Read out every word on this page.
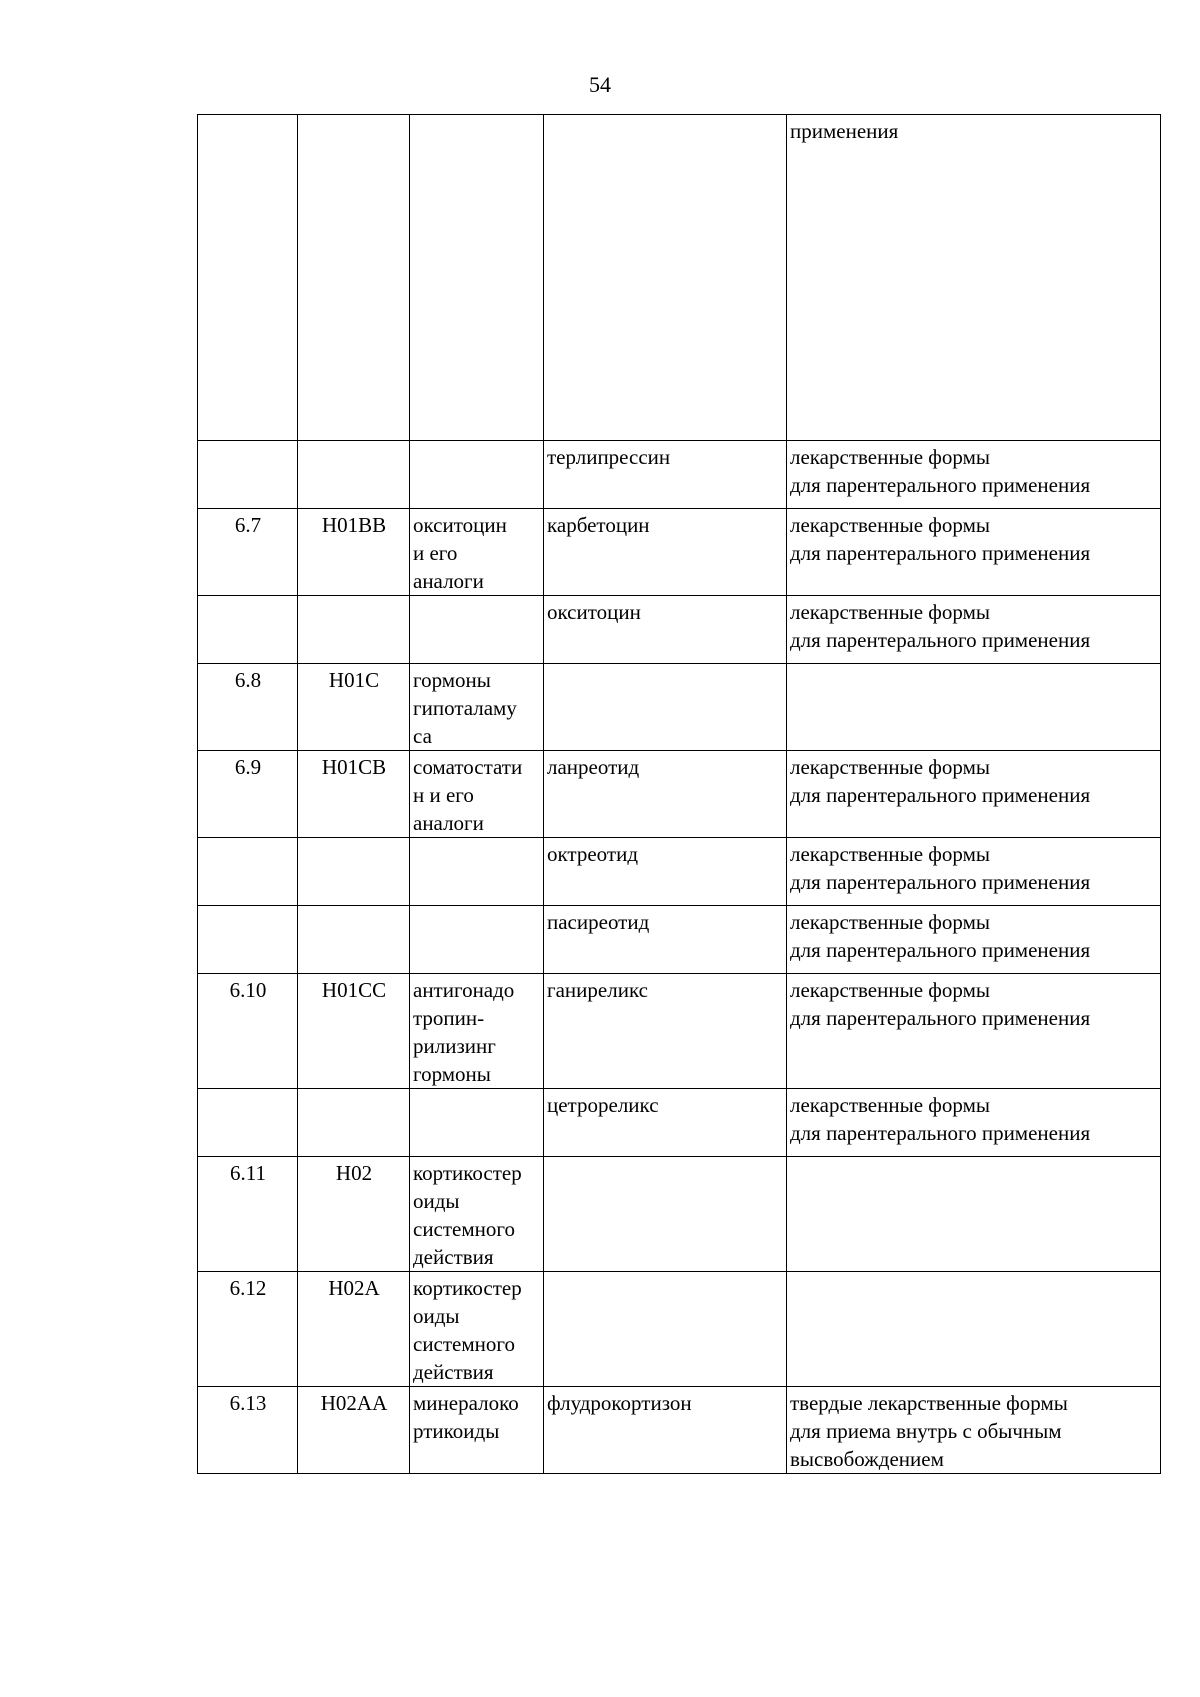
54
				применения
			терлипрессин	лекарственные формы
для парентерального применения
6.7	H01BB	окситоцин
и его
аналоги	карбетоцин	лекарственные формы
для парентерального применения
			окситоцин	лекарственные формы
для парентерального применения
6.8	H01C	гормоны
гипоталаму
са		
6.9	H01CB	соматостати
н и его
аналоги	ланреотид	лекарственные формы
для парентерального применения
			октреотид	лекарственные формы
для парентерального применения
			пасиреотид	лекарственные формы
для парентерального применения
6.10	H01CC	антигонадо
тропин-
рилизинг
гормоны	ганиреликс	лекарственные формы
для парентерального применения
			цетрореликс	лекарственные формы
для парентерального применения
6.11	H02	кортикостер
оиды
системного
действия		
6.12	H02A	кортикостер
оиды
системного
действия		
6.13	H02AA	минералоко
ртикоиды	флудрокортизон	твердые лекарственные формы
для приема внутрь с обычным
высвобождением
